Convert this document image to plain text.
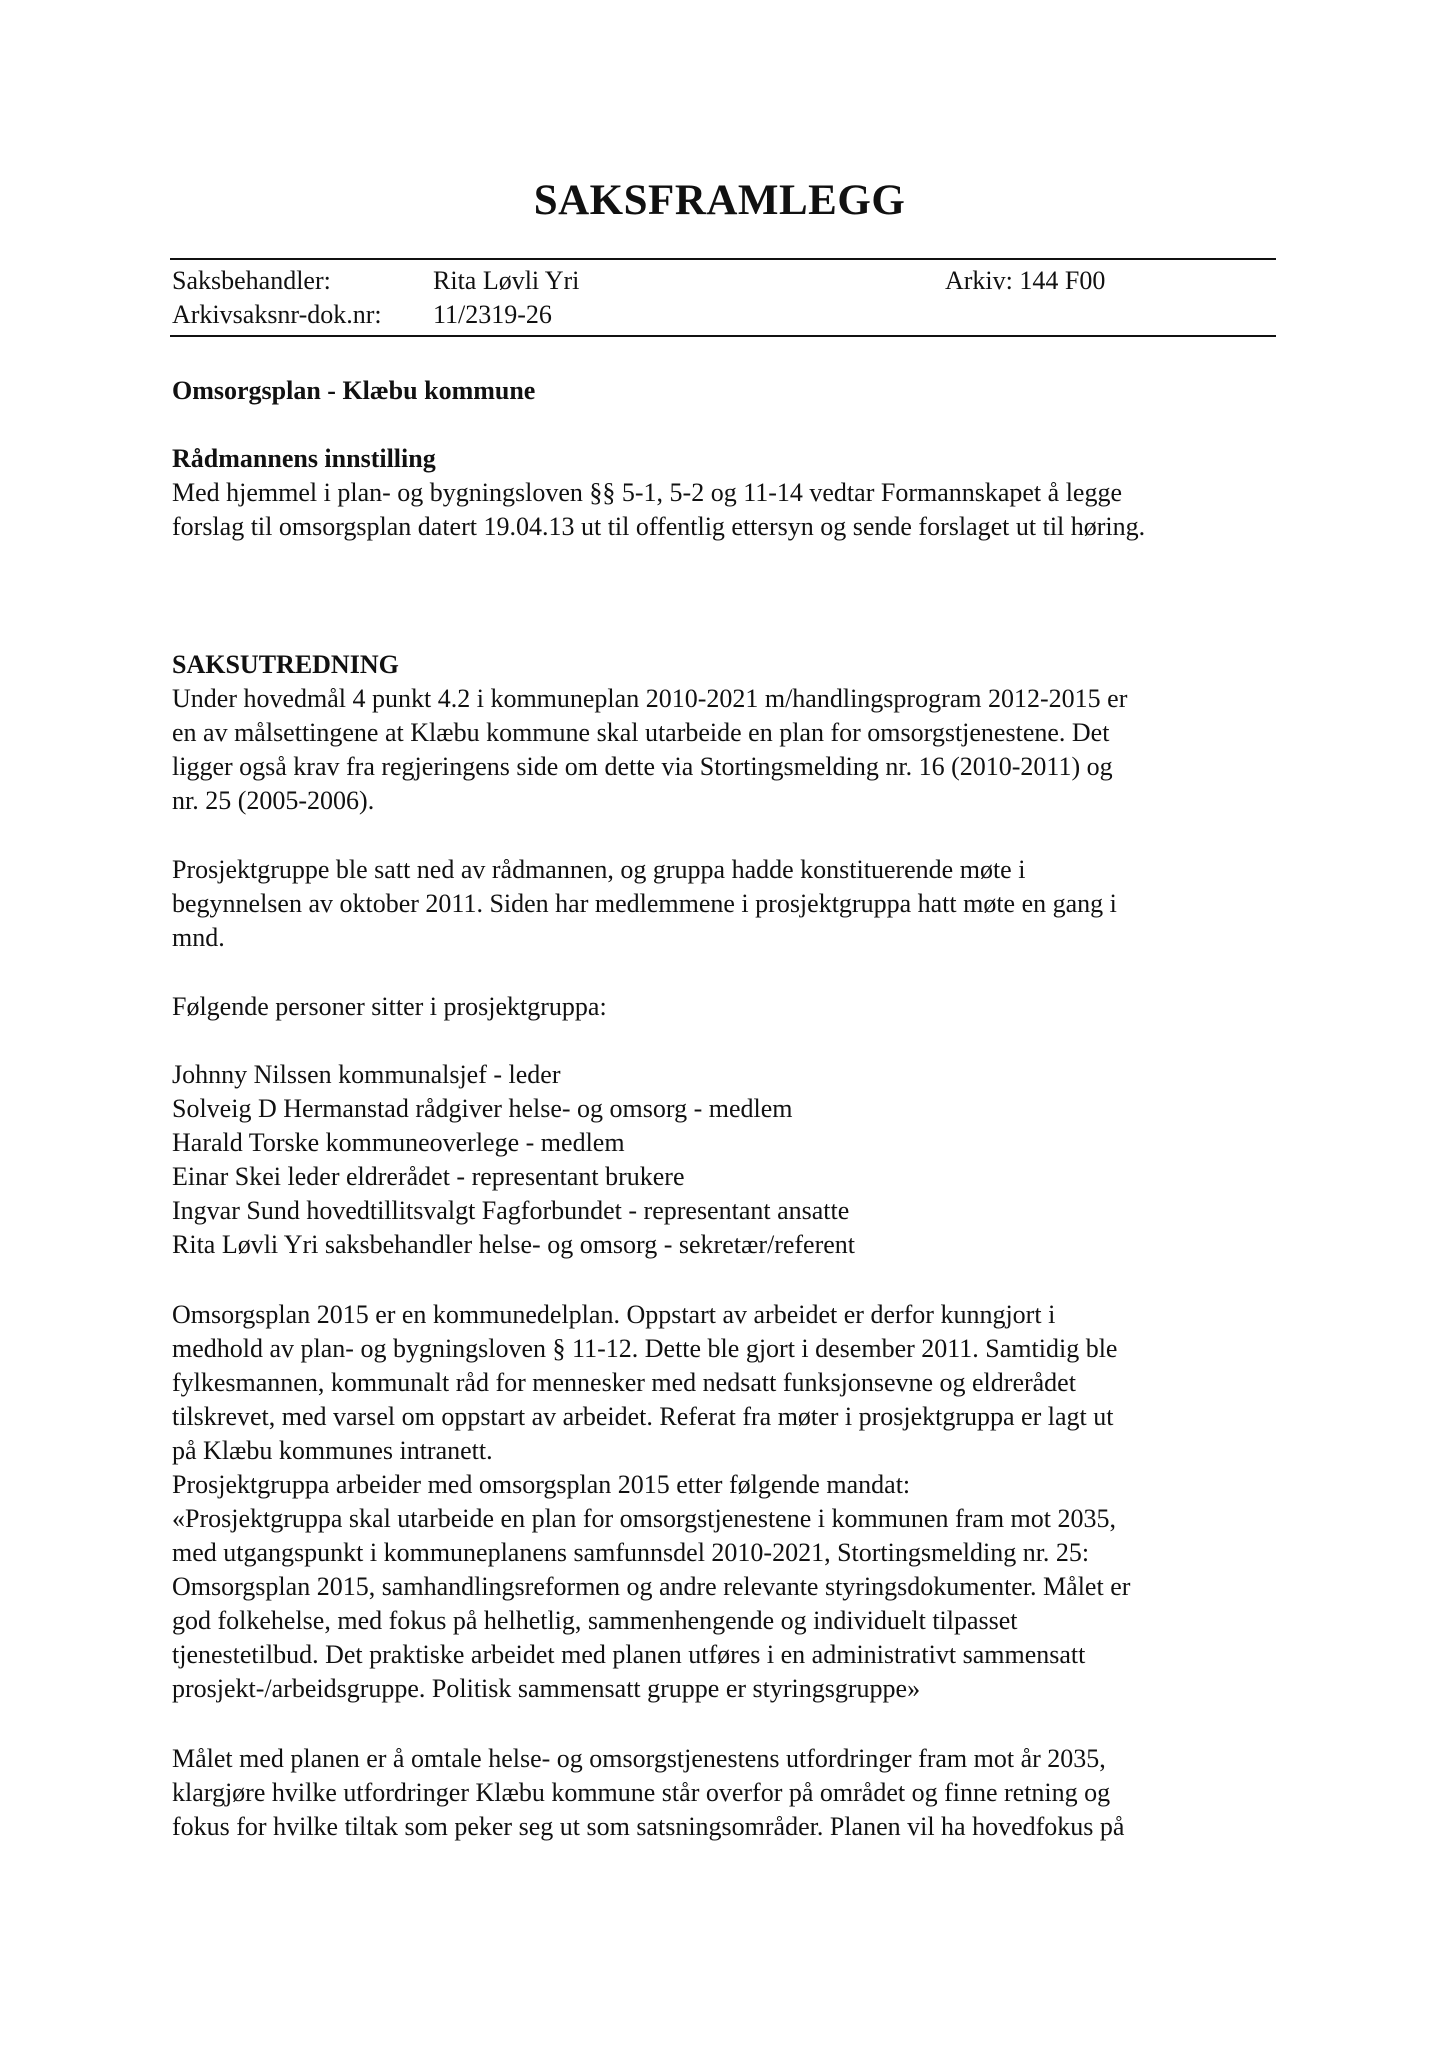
SAKSFRAMLEGG
Saksbehandler:	Rita Løvli Yri	Arkiv: 144 F00
Arkivsaksnr-dok.nr: 11/2319-26
Omsorgsplan - Klæbu kommune
Rådmannens innstilling
Med hjemmel i plan- og bygningsloven §§ 5-1, 5-2 og 11-14 vedtar Formannskapet å legge
forslag til omsorgsplan datert 19.04.13 ut til offentlig ettersyn og sende forslaget ut til høring.
SAKSUTREDNING
Under hovedmål 4 punkt 4.2 i kommuneplan 2010-2021 m/handlingsprogram 2012-2015 er
en av målsettingene at Klæbu kommune skal utarbeide en plan for omsorgstjenestene. Det
ligger også krav fra regjeringens side om dette via Stortingsmelding nr. 16 (2010-2011) og
nr. 25 (2005-2006).
Prosjektgruppe ble satt ned av rådmannen, og gruppa hadde konstituerende møte i
begynnelsen av oktober 2011. Siden har medlemmene i prosjektgruppa hatt møte en gang i
mnd.
Følgende personer sitter i prosjektgruppa:
Johnny Nilssen kommunalsjef - leder
Solveig D Hermanstad rådgiver helse- og omsorg - medlem
Harald Torske kommuneoverlege - medlem
Einar Skei leder eldrerådet - representant brukere
Ingvar Sund hovedtillitsvalgt Fagforbundet - representant ansatte
Rita Løvli Yri saksbehandler helse- og omsorg - sekretær/referent
Omsorgsplan 2015 er en kommunedelplan. Oppstart av arbeidet er derfor kunngjort i
medhold av plan- og bygningsloven § 11-12. Dette ble gjort i desember 2011. Samtidig ble
fylkesmannen, kommunalt råd for mennesker med nedsatt funksjonsevne og eldrerådet
tilskrevet, med varsel om oppstart av arbeidet. Referat fra møter i prosjektgruppa er lagt ut
på Klæbu kommunes intranett.
Prosjektgruppa arbeider med omsorgsplan 2015 etter følgende mandat:
«Prosjektgruppa skal utarbeide en plan for omsorgstjenestene i kommunen fram mot 2035,
med utgangspunkt i kommuneplanens samfunnsdel 2010-2021, Stortingsmelding nr. 25:
Omsorgsplan 2015, samhandlingsreformen og andre relevante styringsdokumenter. Målet er
god folkehelse, med fokus på helhetlig, sammenhengende og individuelt tilpasset
tjenestetilbud. Det praktiske arbeidet med planen utføres i en administrativt sammensatt
prosjekt-/arbeidsgruppe. Politisk sammensatt gruppe er styringsgruppe»
Målet med planen er å omtale helse- og omsorgstjenestens utfordringer fram mot år 2035,
klargjøre hvilke utfordringer Klæbu kommune står overfor på området og finne retning og
fokus for hvilke tiltak som peker seg ut som satsningsområder. Planen vil ha hovedfokus på
